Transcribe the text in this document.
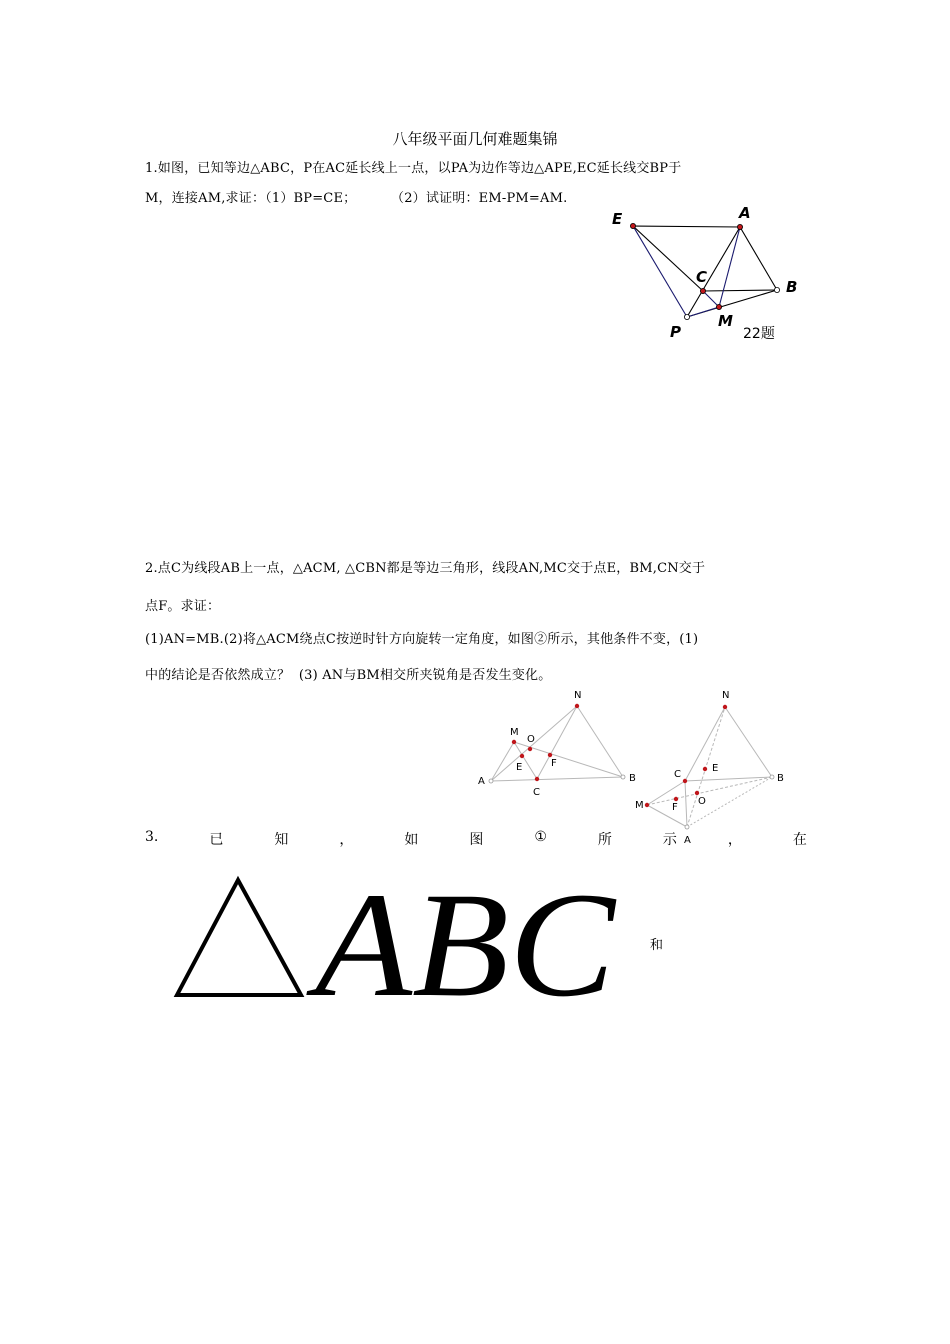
八年级平面几何难题集锦
1.如图，已知等边△ABC，P在AC延长线上一点，以PA为边作等边△APE,EC延长线交BP于
M，连接AM,求证：（1）BP=CE；        （2）试证明：EM-PM=AM.
E	A
C
B
P
M
22题
2.点C为线段AB上一点，△ACM, △CBN都是等边三角形，线段AN,MC交于点E，BM,CN交于
点F。求证：
(1)AN=MB.(2)将△ACM绕点C按逆时针方向旋转一定角度，如图②所示，其他条件不变，(1)
中的结论是否依然成立？  (3) AN与BM相交所夹锐角是否发生变化。
N
M
O
E	F
A	B
C
N
E
C	B
M	F
O
A
3.	已	知	，	如	图	①	所	示	，	在
ABC	和
